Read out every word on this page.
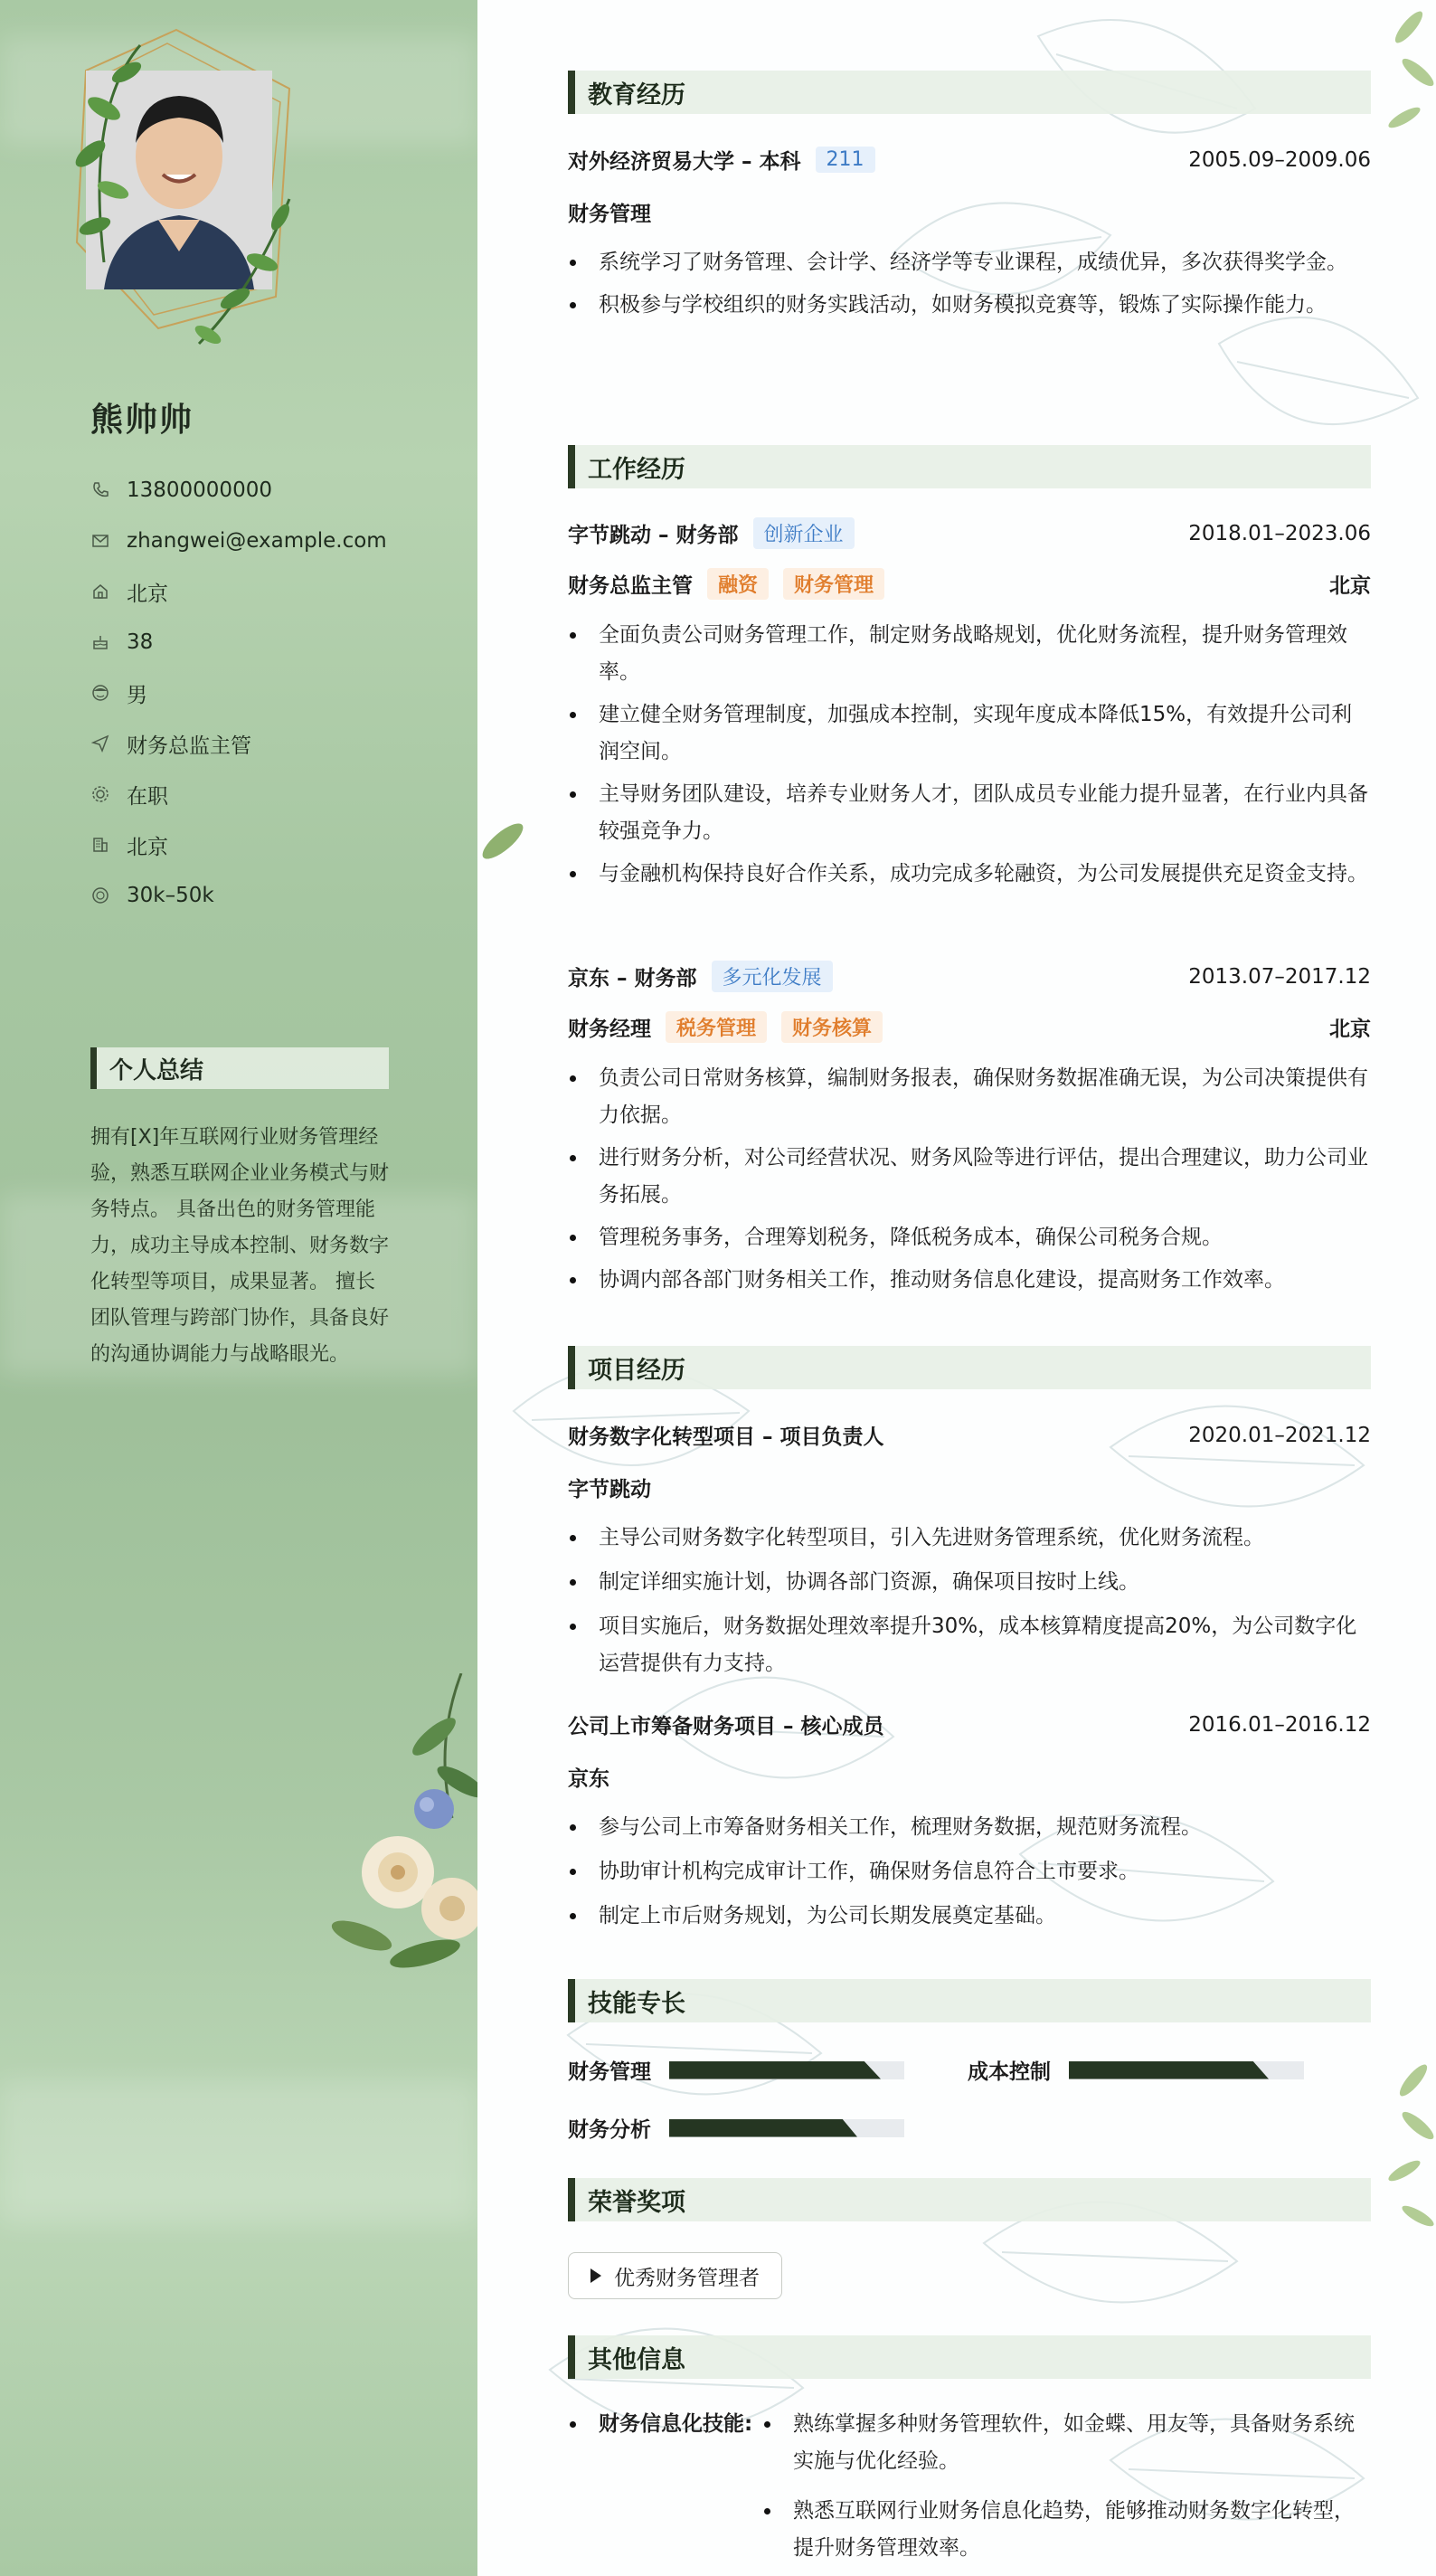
熊帅帅
13800000000
zhangwei@example.com
北京
38
男
财务总监主管
在职
北京
30k–50k
个人总结
拥有[X]年互联网行业财务管理经验，熟悉互联网企业业务模式与财务特点。 具备出色的财务管理能力，成功主导成本控制、财务数字化转型等项目，成果显著。 擅长团队管理与跨部门协作，具备良好的沟通协调能力与战略眼光。
教育经历
对外经济贸易大学 – 本科	211	2005.09–2009.06
财务管理
系统学习了财务管理、会计学、经济学等专业课程，成绩优异，多次获得奖学金。
积极参与学校组织的财务实践活动，如财务模拟竞赛等，锻炼了实际操作能力。
工作经历
字节跳动 – 财务部	创新企业	2018.01–2023.06
财务总监主管	融资	财务管理	北京
全面负责公司财务管理工作，制定财务战略规划，优化财务流程，提升财务管理效率。
建立健全财务管理制度，加强成本控制，实现年度成本降低15%，有效提升公司利润空间。
主导财务团队建设，培养专业财务人才，团队成员专业能力提升显著，在行业内具备较强竞争力。
与金融机构保持良好合作关系，成功完成多轮融资，为公司发展提供充足资金支持。
京东 – 财务部	多元化发展	2013.07–2017.12
财务经理	税务管理	财务核算	北京
负责公司日常财务核算，编制财务报表，确保财务数据准确无误，为公司决策提供有力依据。
进行财务分析，对公司经营状况、财务风险等进行评估，提出合理建议，助力公司业务拓展。
管理税务事务，合理筹划税务，降低税务成本，确保公司税务合规。
协调内部各部门财务相关工作，推动财务信息化建设，提高财务工作效率。
项目经历
财务数字化转型项目 – 项目负责人	2020.01–2021.12
字节跳动
主导公司财务数字化转型项目，引入先进财务管理系统，优化财务流程。
制定详细实施计划，协调各部门资源，确保项目按时上线。
项目实施后，财务数据处理效率提升30%，成本核算精度提高20%，为公司数字化运营提供有力支持。
公司上市筹备财务项目 – 核心成员	2016.01–2016.12
京东
参与公司上市筹备财务相关工作，梳理财务数据，规范财务流程。
协助审计机构完成审计工作，确保财务信息符合上市要求。
制定上市后财务规划，为公司长期发展奠定基础。
技能专长
财务管理	成本控制
财务分析
荣誉奖项
优秀财务管理者
其他信息
财务信息化技能:	熟练掌握多种财务管理软件，如金蝶、用友等，具备财务系统实施与优化经验。
熟悉互联网行业财务信息化趋势，能够推动财务数字化转型，提升财务管理效率。
